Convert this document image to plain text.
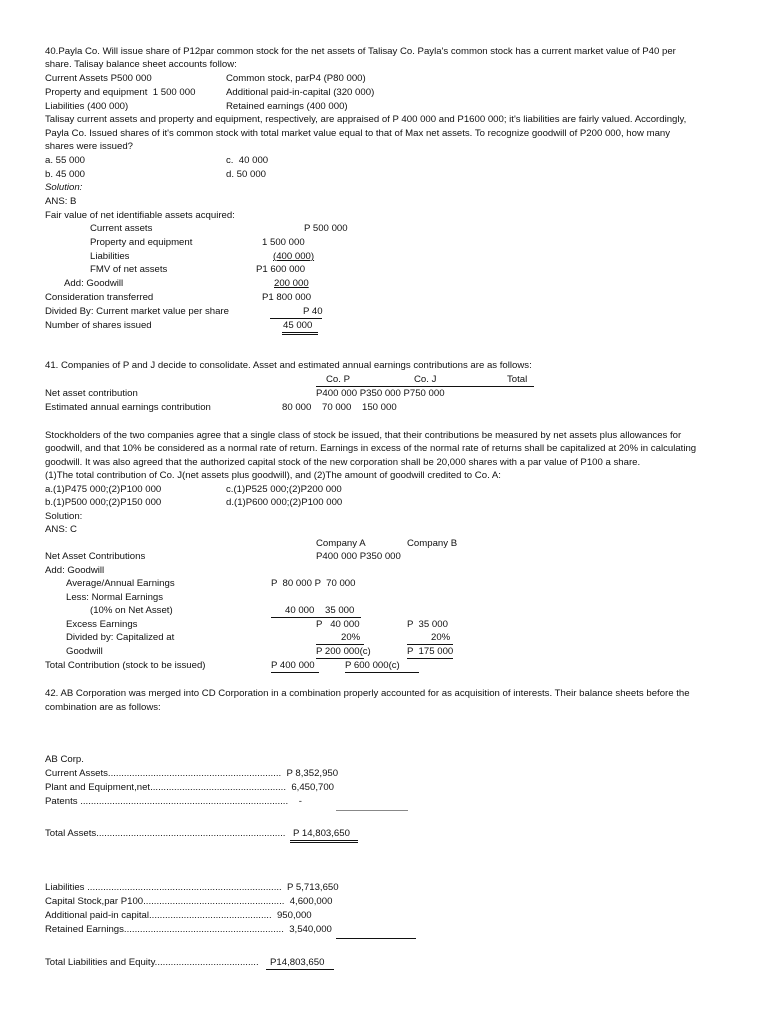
40.Payla Co. Will issue share of P12par common stock for the net assets of Talisay Co. Payla's common stock has a current market value of P40 per
share. Talisay balance sheet accounts follow:
Current Assets P500 000	Common stock, parP4 (P80 000)
Property and equipment  1 500 000	Additional paid-in-capital (320 000)
Liabilities (400 000)	Retained earnings (400 000)
Talisay current assets and property and equipment, respectively, are appraised of P 400 000 and P1600 000; it's liabilities are fairly valued. Accordingly,
Payla Co. Issued shares of it's common stock with total market value equal to that of Max net assets. To recognize goodwill of P200 000, how many
shares were issued?
a. 55 000	c.  40 000
b. 45 000	d. 50 000
Solution:
ANS: B
Fair value of net identifiable assets acquired:
Current assets	P 500 000
Property and equipment	1 500 000
Liabilities	(400 000)
FMV of net assets	P1 600 000
Add: Goodwill	200 000
Consideration transferred	P1 800 000
Divided By: Current market value per share	P 40
Number of shares issued	45 000
41. Companies of P and J decide to consolidate. Asset and estimated annual earnings contributions are as follows:
Co. P	Co. J	Total
Net asset contribution	P400 000 P350 000 P750 000
Estimated annual earnings contribution	80 000    70 000    150 000
Stockholders of the two companies agree that a single class of stock be issued, that their contributions be measured by net assets plus allowances for
goodwill, and that 10% be considered as a normal rate of return. Earnings in excess of the normal rate of returns shall be capitalized at 20% in calculating
goodwill. It was also agreed that the authorized capital stock of the new corporation shall be 20,000 shares with a par value of P100 a share.
(1)The total contribution of Co. J(net assets plus goodwill), and (2)The amount of goodwill credited to Co. A:
a.(1)P475 000;(2)P100 000	c.(1)P525 000;(2)P200 000
b.(1)P500 000;(2)P150 000	d.(1)P600 000;(2)P100 000
Solution:
ANS: C
Company A	Company B
Net Asset Contributions	P400 000 P350 000
Add: Goodwill
Average/Annual Earnings	P  80 000 P  70 000
Less: Normal Earnings
(10% on Net Asset)	40 000    35 000
Excess Earnings	P   40 000	P  35 000
Divided by: Capitalized at	20%	20%
Goodwill	P 200 000(c)	P  175 000
Total Contribution (stock to be issued)	P 400 000	P 600 000(c)
42. AB Corporation was merged into CD Corporation in a combination properly accounted for as acquisition of interests. Their balance sheets before the
combination are as follows:
AB Corp.
Current Assets.................................................................  P 8,352,950
Plant and Equipment,net...................................................  6,450,700
Patents ..............................................................................    -
Total Assets....................................................................... P 14,803,650
Liabilities .........................................................................  P 5,713,650
Capital Stock,par P100.....................................................  4,600,000
Additional paid-in capital..............................................  950,000
Retained Earnings............................................................  3,540,000
Total Liabilities and Equity....................................... P14,803,650
